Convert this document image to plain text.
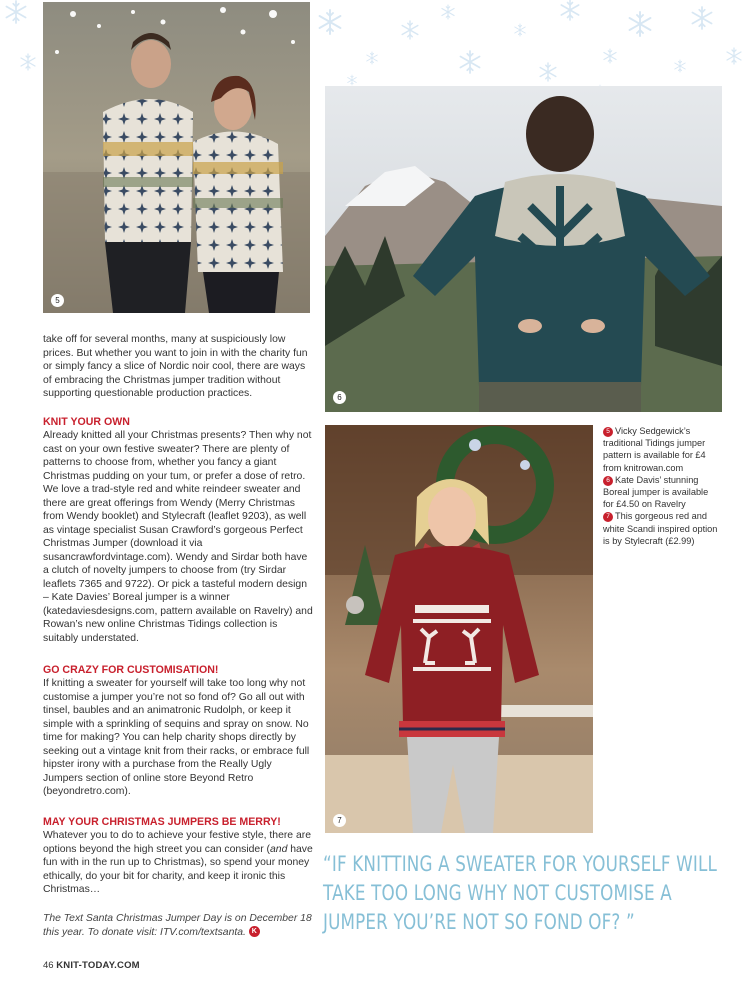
5
6
7

take off for several months, many at suspiciously low prices. But whether you want to join in with the charity fun or simply fancy a slice of Nordic noir cool, there are ways of embracing the Christmas jumper tradition without supporting questionable production practices.

KNIT YOUR OWN

Already knitted all your Christmas presents? Then why not cast on your own festive sweater? There are plenty of patterns to choose from, whether you fancy a giant Christmas pudding on your tum, or prefer a dose of retro. We love a trad-style red and white reindeer sweater and there are great offerings from Wendy (Merry Christmas from Wendy booklet) and Stylecraft (leaflet 9203), as well as vintage specialist Susan Crawford’s gorgeous Perfect Christmas Jumper (download it via susancrawfordvintage.com). Wendy and Sirdar both have a clutch of novelty jumpers to choose from (try Sirdar leaflets 7365 and 9722). Or pick a tasteful modern design – Kate Davies’ Boreal jumper is a winner (katedaviesdesigns.com, pattern available on Ravelry) and Rowan’s new online Christmas Tidings collection is suitably understated.

GO CRAZY FOR CUSTOMISATION!

If knitting a sweater for yourself will take too long why not customise a jumper you’re not so fond of? Go all out with tinsel, baubles and an animatronic Rudolph, or keep it simple with a sprinkling of sequins and spray on snow. No time for making? You can help charity shops directly by seeking out a vintage knit from their racks, or embrace full hipster irony with a purchase from the Really Ugly Jumpers section of online store Beyond Retro (beyondretro.com).

MAY YOUR CHRISTMAS JUMPERS BE MERRY!

Whatever you to do to achieve your festive style, there are options beyond the high street you can consider (and have fun with in the run up to Christmas), so spend your money ethically, do your bit for charity, and keep it ironic this Christmas…

The Text Santa Christmas Jumper Day is on December 18 this year. To donate visit: ITV.com/textsanta. K

5 Vicky Sedgewick’s traditional Tidings jumper pattern is available for £4 from knitrowan.com
6 Kate Davis’ stunning Boreal jumper is available for £4.50 on Ravelry
7 This gorgeous red and white Scandi inspired option is by Stylecraft (£2.99)
“IF KNITTING A SWEATER FOR YOURSELF WILL TAKE TOO LONG WHY NOT CUSTOMISE A JUMPER YOU’RE NOT SO FOND OF? ”
46 KNIT-TODAY.COM
